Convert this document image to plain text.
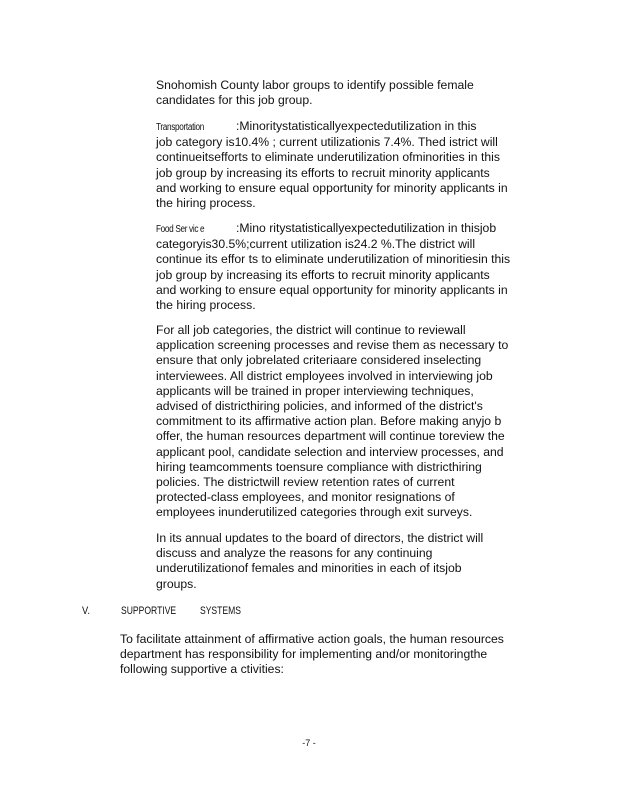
Snohomish County labor groups to identify possible female
candidates for this job group.

Transportation	:Minoritystatisticallyexpectedutilization in this
job category is10.4% ; current utilizationis 7.4%. Thed istrict will
continueitsefforts to eliminate underutilization ofminorities in this
job group by increasing its efforts to recruit minority applicants
and working to ensure equal opportunity for minority applicants in
the hiring process.

Food Ser vic e	:Mino ritystatisticallyexpectedutilization in thisjob
categoryis30.5%;current utilization is24.2 %.The district will
continue its effor ts to eliminate underutilization of minoritiesin this
job group by increasing its efforts to recruit minority applicants
and working to ensure equal opportunity for minority applicants in
the hiring process.

For all job categories, the district will continue to reviewall
application screening processes and revise them as necessary to
ensure that only jobrelated criteriaare considered inselecting
interviewees. All district employees involved in interviewing job
applicants will be trained in proper interviewing techniques,
advised of districthiring policies, and informed of the district's
commitment to its affirmative action plan. Before making anyjo b
offer, the human resources department will continue toreview the
applicant pool, candidate selection and interview processes, and
hiring teamcomments toensure compliance with districthiring
policies. The districtwill review retention rates of current
protected-class employees, and monitor resignations of
employees inunderutilized categories through exit surveys.

In its annual updates to the board of directors, the district will
discuss and analyze the reasons for any continuing
underutilizationof females and minorities in each of itsjob
groups.

V.	SUPPORTIVE          SYSTEMS

To facilitate attainment of affirmative action goals, the human resources
department has responsibility for implementing and/or monitoringthe
following supportive a ctivities:

-7 -
